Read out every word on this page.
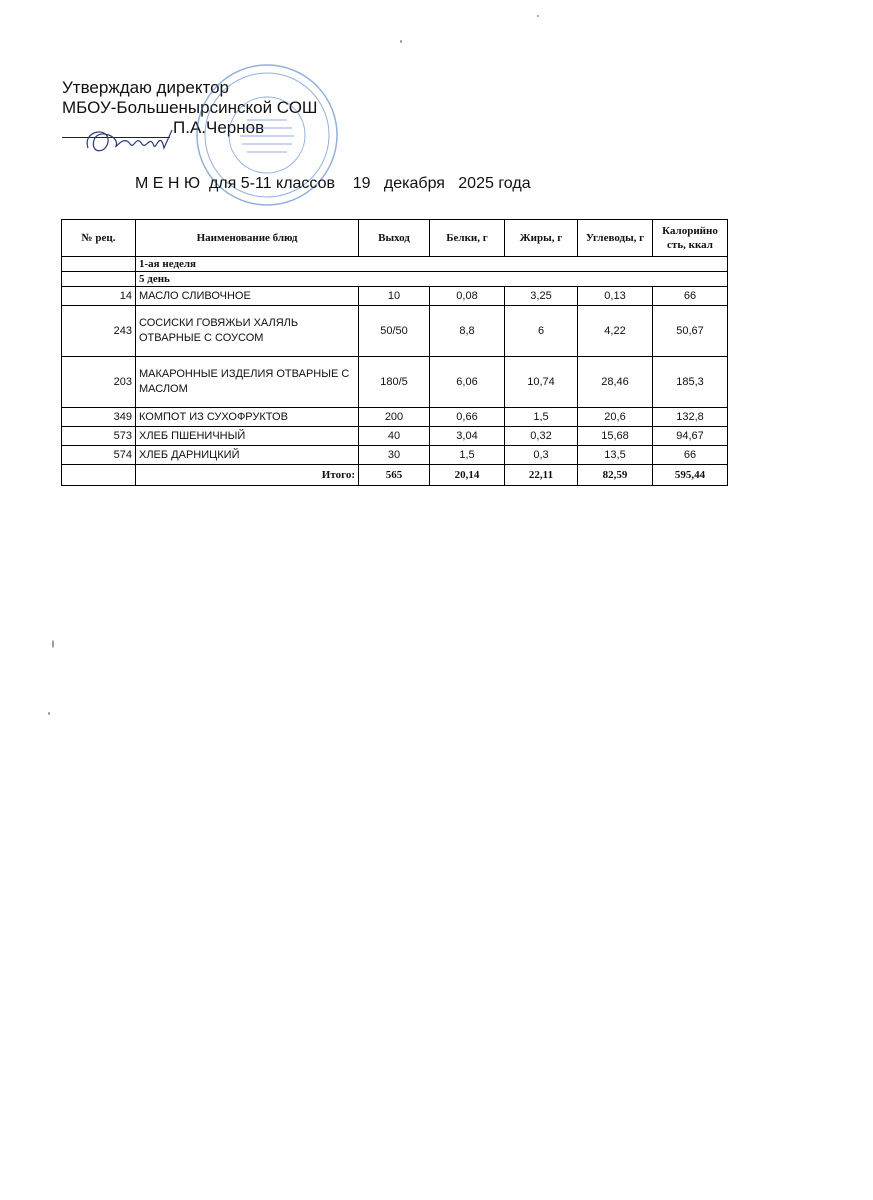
Утверждаю директор
МБОУ-Большенырсинской СОШ
П.А.Чернов
М Е Н Ю  для 5-11 классов    19   декабря   2025 года
№ рец.	Наименование блюд	Выход	Белки, г	Жиры, г	Углеводы, г	Калорийно сть, ккал
	1-ая неделя					
	5 день					
14	МАСЛО СЛИВОЧНОЕ	10	0,08	3,25	0,13	66
243	СОСИСКИ ГОВЯЖЬИ ХАЛЯЛЬ ОТВАРНЫЕ С СОУСОМ	50/50	8,8	6	4,22	50,67
203	МАКАРОННЫЕ ИЗДЕЛИЯ ОТВАРНЫЕ С МАСЛОМ	180/5	6,06	10,74	28,46	185,3
349	КОМПОТ ИЗ СУХОФРУКТОВ	200	0,66	1,5	20,6	132,8
573	ХЛЕБ ПШЕНИЧНЫЙ	40	3,04	0,32	15,68	94,67
574	ХЛЕБ ДАРНИЦКИЙ	30	1,5	0,3	13,5	66
	Итого:	565	20,14	22,11	82,59	595,44
